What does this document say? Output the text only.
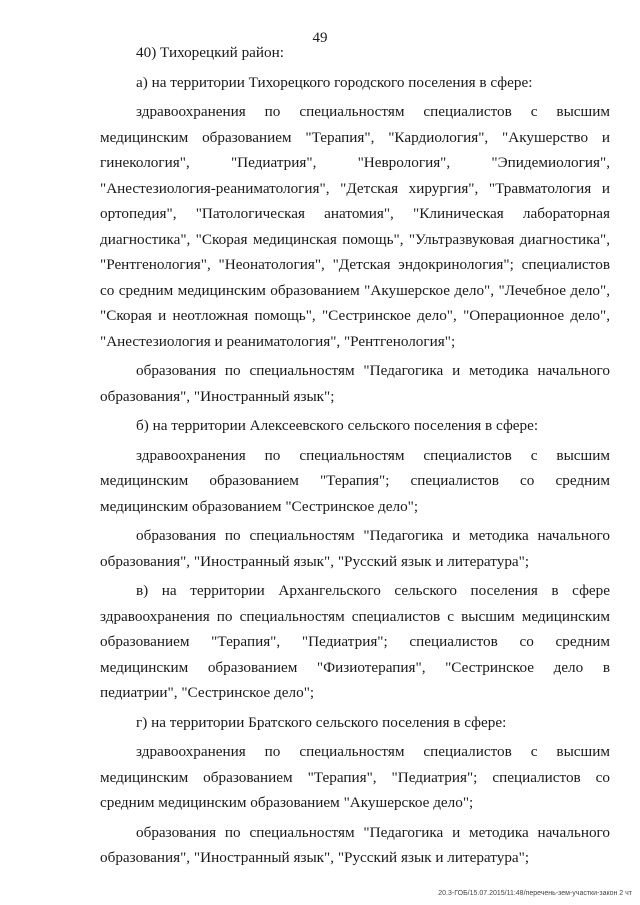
49

40) Тихорецкий район:

а) на территории Тихорецкого городского поселения в сфере:

здравоохранения по специальностям специалистов с высшим медицинским образованием "Терапия", "Кардиология", "Акушерство и гинекология", "Педиатрия", "Неврология", "Эпидемиология", "Анестезиология-реаниматология", "Детская хирургия", "Травматология и ортопедия", "Патологическая анатомия", "Клиническая лабораторная диагностика", "Скорая медицинская помощь", "Ультразвуковая диагностика", "Рентгенология", "Неонатология", "Детская эндокринология"; специалистов со средним медицинским образованием "Акушерское дело", "Лечебное дело", "Скорая и неотложная помощь", "Сестринское дело", "Операционное дело", "Анестезиология и реаниматология", "Рентгенология";

образования по специальностям "Педагогика и методика начального образования", "Иностранный язык";

б) на территории Алексеевского сельского поселения в сфере:

здравоохранения по специальностям специалистов с высшим медицинским образованием "Терапия"; специалистов со средним медицинским образованием "Сестринское дело";

образования по специальностям "Педагогика и методика начального образования", "Иностранный язык", "Русский язык и литература";

в) на территории Архангельского сельского поселения в сфере здравоохранения по специальностям специалистов с высшим медицинским образованием "Терапия", "Педиатрия"; специалистов со средним медицинским образованием "Физиотерапия", "Сестринское дело в педиатрии", "Сестринское дело";

г) на территории Братского сельского поселения в сфере:

здравоохранения по специальностям специалистов с высшим медицинским образованием "Терапия", "Педиатрия"; специалистов со средним медицинским образованием "Акушерское дело";

образования по специальностям "Педагогика и методика начального образования", "Иностранный язык", "Русский язык и литература";

20.3-ГОБ/15.07.2015/11:48/перечень-зем-участки-закон 2 чт
